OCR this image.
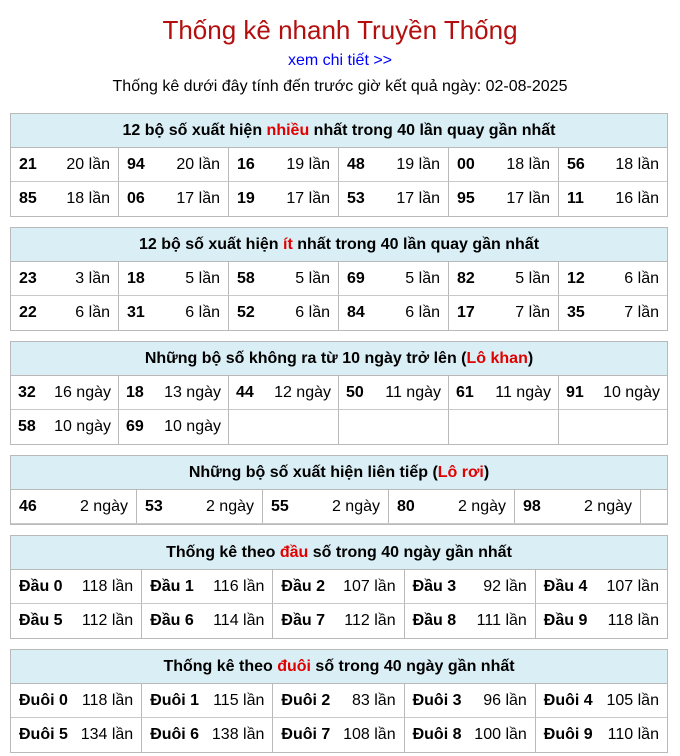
Thống kê nhanh Truyền Thống
xem chi tiết >>
Thống kê dưới đây tính đến trước giờ kết quả ngày: 02-08-2025
12 bộ số xuất hiện nhiều nhất trong 40 lần quay gần nhất
21 20 lần 94 20 lần 16 19 lần 48 19 lần 00 18 lần 56 18 lần
85 18 lần 06 17 lần 19 17 lần 53 17 lần 95 17 lần 11 16 lần
12 bộ số xuất hiện ít nhất trong 40 lần quay gần nhất
23 3 lần 18	5 lần 58	5 lần 69	5 lần 82	5 lần 12 6 lần
22 6 lần 31	6 lần 52	6 lần 84	6 lần 17	7 lần 35 7 lần
Những bộ số không ra từ 10 ngày trở lên (Lô khan)
32 16 ngày 18 13 ngày 44 12 ngày 50 11 ngày 61 11 ngày 91 10 ngày
58 10 ngày 69 10 ngày
Những bộ số xuất hiện liên tiếp (Lô rơi)
46	2 ngày 53	2 ngày 55	2 ngày 80	2 ngày 98	2 ngày
Thống kê theo đầu số trong 40 ngày gần nhất
Đầu 0 118 lần Đầu 1 116 lần Đầu 2 107 lần Đầu 3 92 lần Đầu 4 107 lần
Đầu 5 112 lần Đầu 6 114 lần Đầu 7 112 lần Đầu 8 111 lần Đầu 9 118 lần
Thống kê theo đuôi số trong 40 ngày gần nhất
Đuôi 0 118 lần Đuôi 1 115 lần Đuôi 2 83 lần Đuôi 3 96 lần Đuôi 4 105 lần
Đuôi 5 134 lần Đuôi 6 138 lần Đuôi 7 108 lần Đuôi 8 100 lần Đuôi 9 110 lần
